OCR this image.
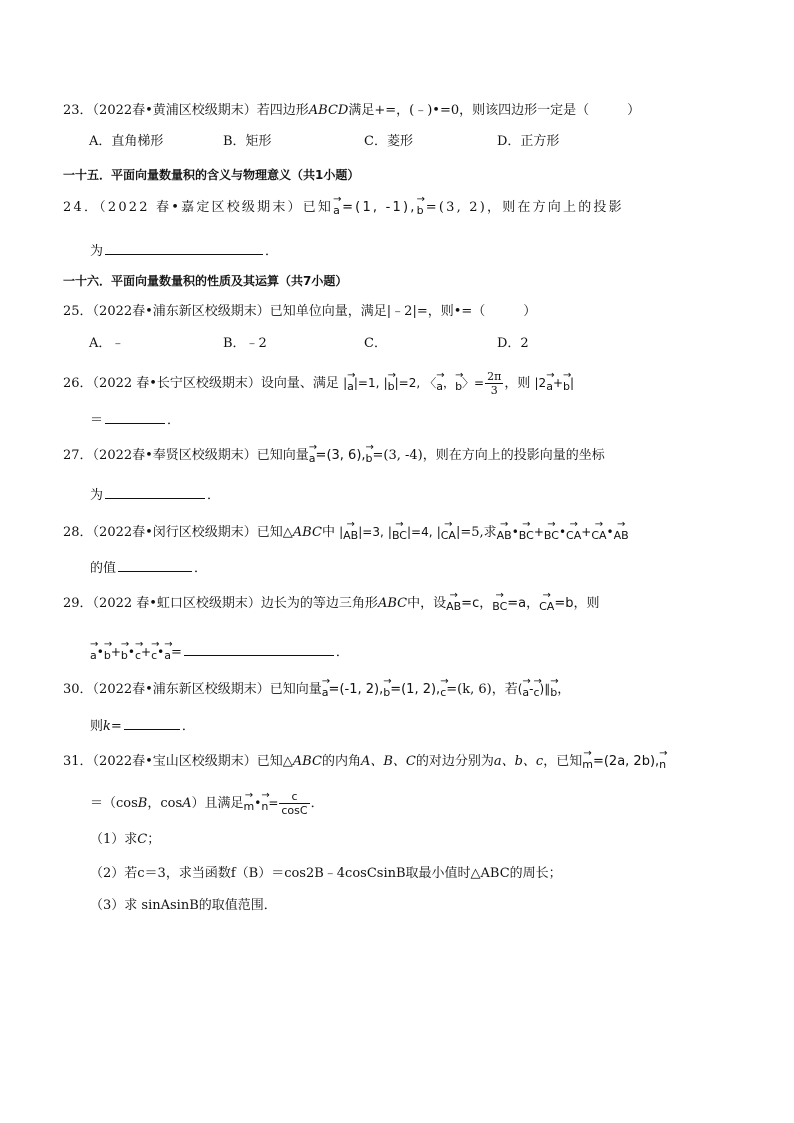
23．（2022春•黄浦区校级期末）若四边形ABCD满足+=，(﹣)•=0，则该四边形一定是（	）
A．直角梯形	B．矩形	C．菱形	D．正方形
一十五．平面向量数量积的含义与物理意义（共1小题）
24．（2022 春•嘉定区校级期末）已知→ a=(1, -1),→ b=(3, 2)，则在方向上的投影
为	．
一十六．平面向量数量积的性质及其运算（共7小题）
25．（2022春•浦东新区校级期末）已知单位向量，满足|﹣2|=，则•=（	）
A．﹣	B．﹣2	C．	D．2
26．（2022 春•长宁区校级期末）设向量、满足 |→ a|=1, |→ b|=2, 〈→ a，→ b〉= $\frac{2\pi}{3}$ ，则 |2→ a+→ b|
＝	．
27．（2022春•奉贤区校级期末）已知向量→ a=(3, 6),→ b=(3, -4)，则在方向上的投影向量的坐标
为	．
28．（2022春•闵行区校级期末）已知△ABC中 |→ AB|=3, |→ BC|=4, |→ CA|=5,求→ AB•→ BC+→ BC•→ CA+→ CA•→ AB
的值	．
29．（2022 春•虹口区校级期末）边长为的等边三角形ABC中，设→ AB=c，→ BC=a，→ CA=b，则
→ a•→ b+→ b•→ c+→ c•→ a=	．
30．（2022春•浦东新区校级期末）已知向量→ a=(-1, 2),→ b=(1, 2),→ c=(k, 6)，若(→ a-→ c)∥→ b，
则k=	．
31．（2022春•宝山区校级期末）已知△ABC的内角A、B、C的对边分别为a、b、c，已知→ m=(2a, 2b),→ n
＝（cosB，cosA）且满足→ m•→ $n= \frac{c}{\cos C}$ ．
（1）求C；
（2）若c＝3，求当函数f（B）＝cos2B﹣4cosCsinB取最小值时△ABC的周长；
（3）求 sinAsinB的取值范围．
